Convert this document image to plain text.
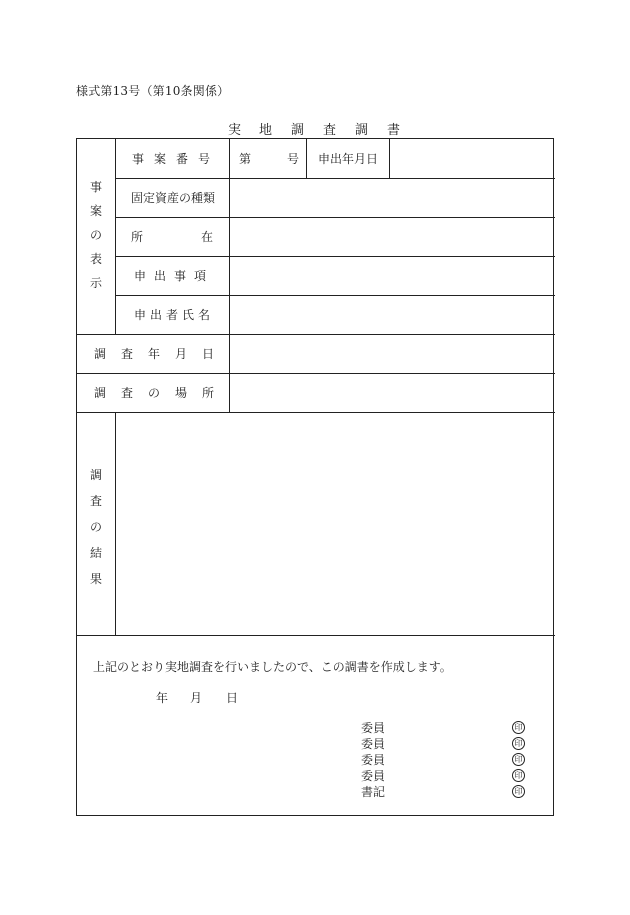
様式第13号（第10条関係）
実 地 調 査 調 書
事
案
の
表
示
事案番号 第	号 申出年月日
固定資産の種類
所	在
申出事項
申出者氏名
調査年月日
調査の場所
調
査
の
結
果
上記のとおり実地調査を行いましたので、この調書を作成します。
年 月 日
委員	印
委員	印
委員	印
委員	印
書記	印
